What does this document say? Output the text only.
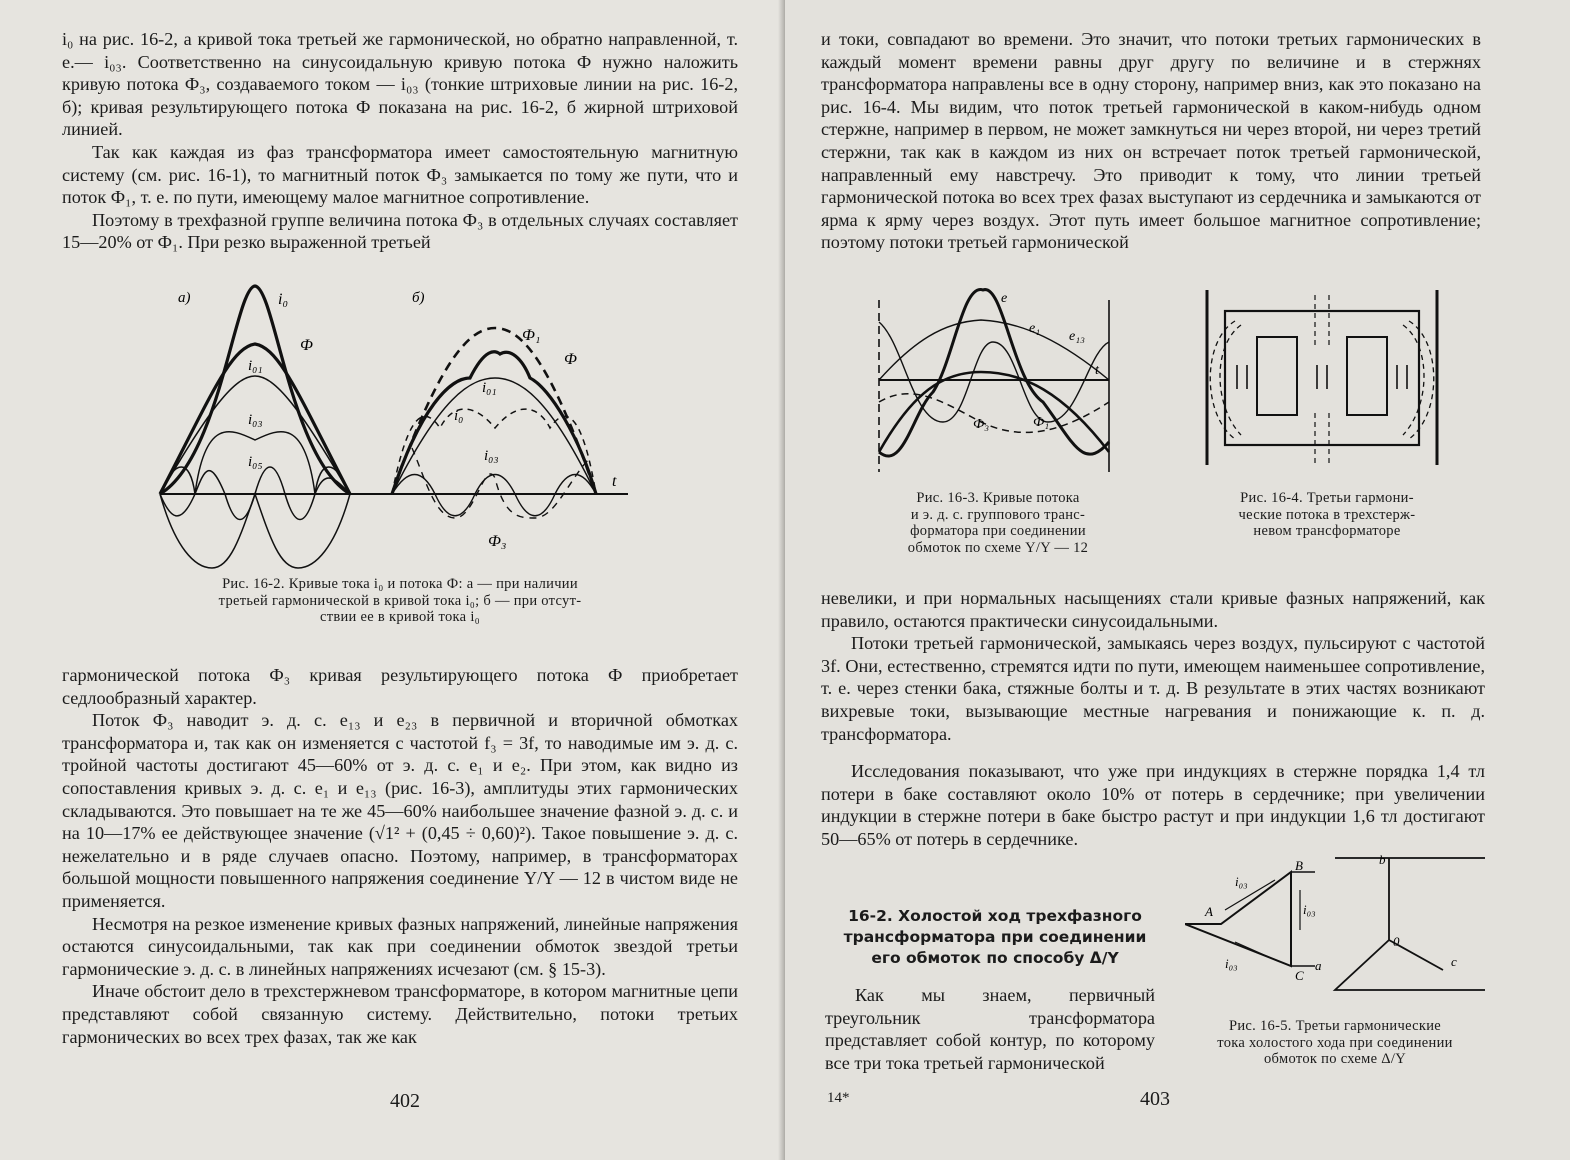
i₀ на рис. 16-2, а кривой тока третьей же гармонической, но обратно направленной, т. е.— i₀₃. Соответственно на синусоидальную кривую потока Ф нужно наложить кривую потока Ф₃, создаваемого током — i₀₃ (тонкие штриховые линии на рис. 16-2, б); кривая результирующего потока Ф показана на рис. 16-2, б жирной штриховой линией.

Так как каждая из фаз трансформатора имеет самостоятельную магнитную систему (см. рис. 16-1), то магнитный поток Ф₃ замыкается по тому же пути, что и поток Ф₁, т. е. по пути, имеющему малое магнитное сопротивление.

Поэтому в трехфазной группе величина потока Ф₃ в отдельных случаях составляет 15—20% от Ф₁. При резко выраженной третьей

а)	б)
t
i₀
Ф
i₀₁
i₀₃
i₀₅
Ф₁
Ф
i₀₁
i₀
i₀₃
Ф₃
Рис. 16-2. Кривые тока i₀ и потока Ф: а — при наличии
третьей гармонической в кривой тока i₀; б — при отсут-
ствии ее в кривой тока i₀

гармонической потока Ф₃ кривая результирующего потока Ф приобретает седлообразный характер.

Поток Ф₃ наводит э. д. с. e₁₃ и e₂₃ в первичной и вторичной обмотках трансформатора и, так как он изменяется с частотой f₃ = 3f, то наводимые им э. д. с. тройной частоты достигают 45—60% от э. д. с. e₁ и e₂. При этом, как видно из сопоставления кривых э. д. с. e₁ и e₁₃ (рис. 16-3), амплитуды этих гармонических складываются. Это повышает на те же 45—60% наибольшее значение фазной э. д. с. и на 10—17% ее действующее значение (√1² + (0,45 ÷ 0,60)²). Такое повышение э. д. с. нежелательно и в ряде случаев опасно. Поэтому, например, в трансформаторах большой мощности повышенного напряжения соединение Y/Y — 12 в чистом виде не применяется.

Несмотря на резкое изменение кривых фазных напряжений, линейные напряжения остаются синусоидальными, так как при соединении обмоток звездой третьи гармонические э. д. с. в линейных напряжениях исчезают (см. § 15-3).

Иначе обстоит дело в трехстержневом трансформаторе, в котором магнитные цепи представляют собой связанную систему. Действительно, потоки третьих гармонических во всех трех фазах, так же как

402

и токи, совпадают во времени. Это значит, что потоки третьих гармонических в каждый момент времени равны друг другу по величине и в стержнях трансформатора направлены все в одну сторону, например вниз, как это показано на рис. 16-4. Мы видим, что поток третьей гармонической в каком-нибудь одном стержне, например в первом, не может замкнуться ни через второй, ни через третий стержни, так как в каждом из них он встречает поток третьей гармонической, направленный ему навстречу. Это приводит к тому, что линии третьей гармонической потока во всех трех фазах выступают из сердечника и замыкаются от ярма к ярму через воздух. Этот путь имеет большое магнитное сопротивление; поэтому потоки третьей гармонической

e
e₁
e₁₃
t
Ф₃	Ф₁
Рис. 16-3. Кривые потока
и э. д. с. группового транс-
форматора при соединении
обмоток по схеме Y/Y — 12
Рис. 16-4. Третьи гармони-
ческие потока в трехстерж-
невом трансформаторе

невелики, и при нормальных насыщениях стали кривые фазных напряжений, как правило, остаются практически синусоидальными.

Потоки третьей гармонической, замыкаясь через воздух, пульсируют с частотой 3f. Они, естественно, стремятся идти по пути, имеющем наименьшее сопротивление, т. е. через стенки бака, стяжные болты и т. д. В результате в этих частях возникают вихревые токи, вызывающие местные нагревания и понижающие к. п. д. трансформатора.

Исследования показывают, что уже при индукциях в стержне порядка 1,4 тл потери в баке составляют около 10% от потерь в сердечнике; при увеличении индукции в стержне потери в баке быстро растут и при индукции 1,6 тл достигают 50—65% от потерь в сердечнике.

16-2. Холостой ход трехфазного
трансформатора при соединении
его обмоток по способу Δ/Y

Как мы знаем, первичный треугольник трансформатора представляет собой контур, по которому все три тока третьей гармонической

A
B
C
i₀₃
i₀₃
i₀₃
b
a	c
0
Рис. 16-5. Третьи гармонические
тока холостого хода при соединении
обмоток по схеме Δ/Y
14*	403
